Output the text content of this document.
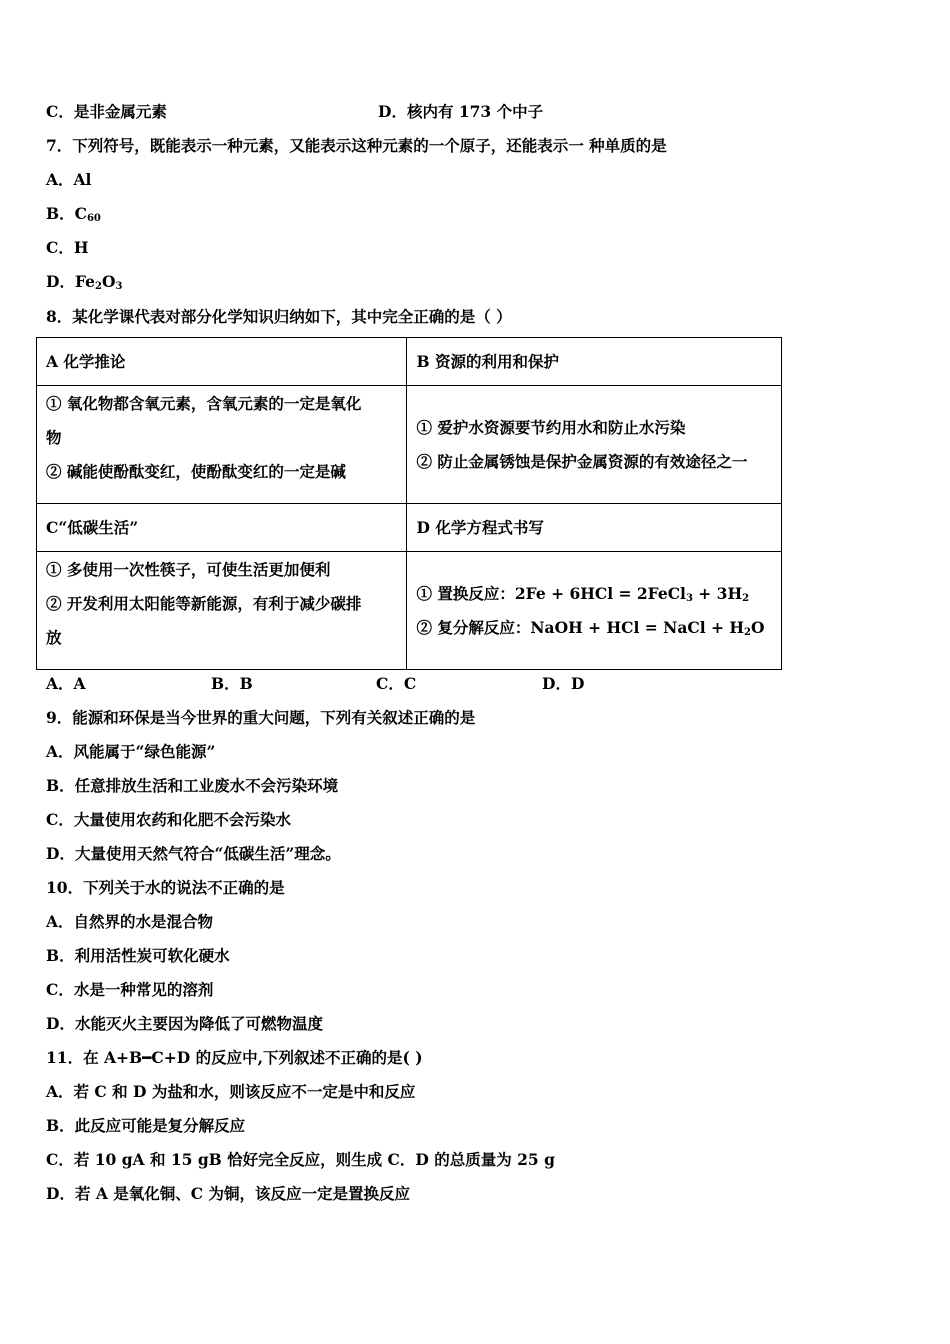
C．是非金属元素	D．核内有 173 个中子
7．下列符号，既能表示一种元素，又能表示这种元素的一个原子，还能表示一 种单质的是
A．Al
B．$C_{60}$
C．H
D．$Fe_2O_3$
8．某化学课代表对部分化学知识归纳如下，其中完全正确的是（ ）
A 化学推论	B 资源的利用和保护

① 氧化物都含氧元素，含氧元素的一定是氧化
物
② 碱能使酚酞变红，使酚酞变红的一定是碱	① 爱护水资源要节约用水和防止水污染
② 防止金属锈蚀是保护金属资源的有效途径之一

C“低碳生活”	D 化学方程式书写

① 多使用一次性筷子，可使生活更加便利
② 开发利用太阳能等新能源，有利于减少碳排
放	① 置换反应：2Fe + 6HCl = 2FeCl$_3$ + $3H_2$
② 复分解反应：NaOH + HCl = NaCl + $H_2O$
A．A	B．B	C．C	D．D
9．能源和环保是当今世界的重大问题，下列有关叙述正确的是
A．风能属于“绿色能源”
B．任意排放生活和工业废水不会污染环境
C．大量使用农药和化肥不会污染水
D．大量使用天然气符合“低碳生活”理念。
10．下列关于水的说法不正确的是
A．自然界的水是混合物
B．利用活性炭可软化硬水
C．水是一种常见的溶剂
D．水能灭火主要因为降低了可燃物温度
11．在 A+B━C+D 的反应中,下列叙述不正确的是( )
A．若 C 和 D 为盐和水，则该反应不一定是中和反应
B．此反应可能是复分解反应
C．若 10 gA 和 15 gB 恰好完全反应，则生成 C．D 的总质量为 25 g
D．若 A 是氧化铜、C 为铜，该反应一定是置换反应
